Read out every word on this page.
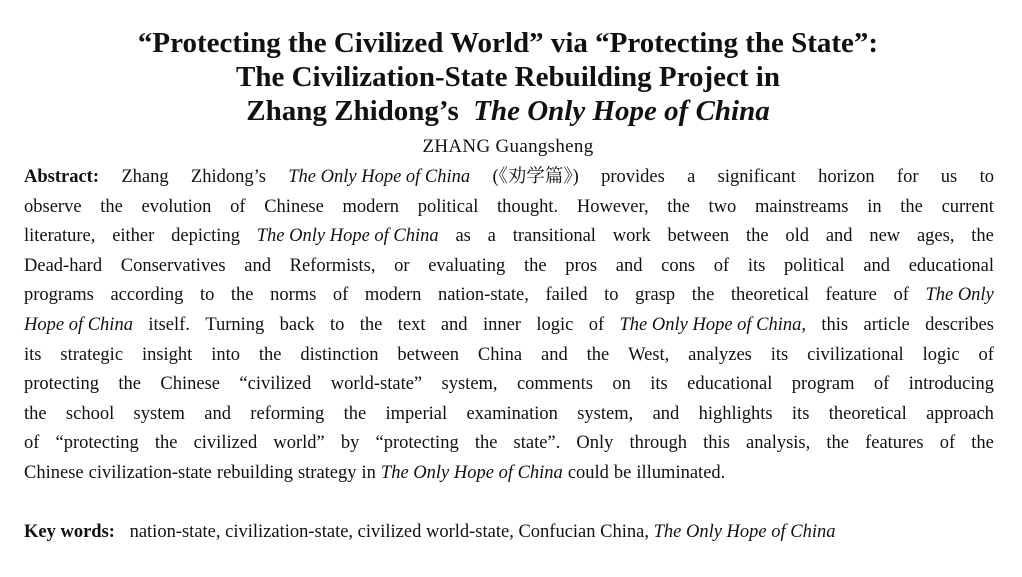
“Protecting the Civilized World” via “Protecting the State”:
The Civilization-State Rebuilding Project in
Zhang Zhidong’s The Only Hope of China
ZHANG Guangsheng
Abstract: Zhang Zhidong’s The Only Hope of China (《劝学篇》) provides a significant horizon for us to
observe the evolution of Chinese modern political thought. However, the two mainstreams in the current
literature, either depicting The Only Hope of China as a transitional work between the old and new ages, the
Dead-hard Conservatives and Reformists, or evaluating the pros and cons of its political and educational
programs according to the norms of modern nation-state, failed to grasp the theoretical feature of The Only
Hope of China itself. Turning back to the text and inner logic of The Only Hope of China, this article describes
its strategic insight into the distinction between China and the West, analyzes its civilizational logic of
protecting the Chinese “civilized world-state” system, comments on its educational program of introducing
the school system and reforming the imperial examination system, and highlights its theoretical approach
of “protecting the civilized world” by “protecting the state”. Only through this analysis, the features of the
Chinese civilization-state rebuilding strategy in The Only Hope of China could be illuminated.
Key words: nation-state, civilization-state, civilized world-state, Confucian China, The Only Hope of China
